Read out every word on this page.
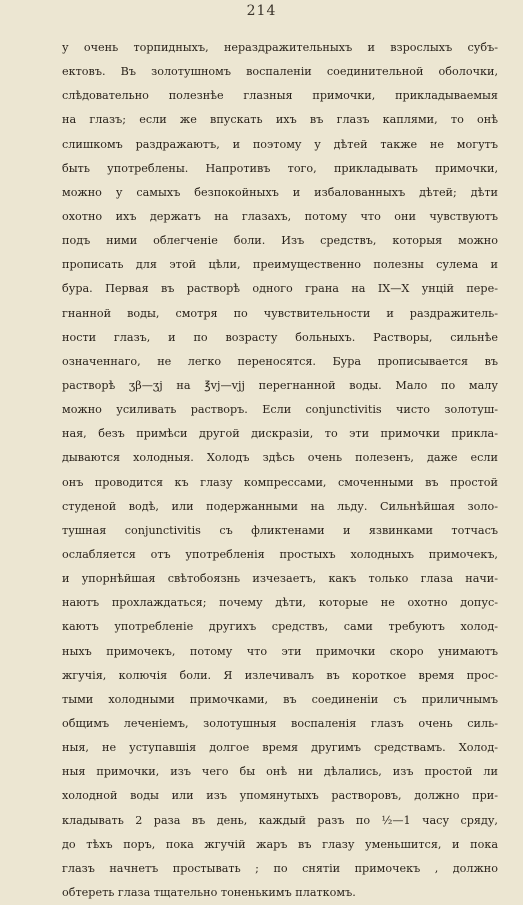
214
у очень торпидныхъ, нераздражительныхъ и взрослыхъ субъ-
ектовъ. Въ золотушномъ воспаленіи соединительной оболочки,
слѣдовательно полезнѣе глазныя примочки, прикладываемыя
на глазъ; если же впускать ихъ въ глазъ каплями, то онѣ
слишкомъ раздражаютъ, и поэтому у дѣтей также не могутъ
быть употреблены. Напротивъ того, прикладывать примочки,
можно у самыхъ безпокойныхъ и избалованныхъ дѣтей; дѣти
охотно ихъ держатъ на глазахъ, потому что они чувствуютъ
подъ ними облегченіе боли. Изъ средствъ, которыя можно
прописать для этой цѣли, преимущественно полезны сулема и
бура. Первая въ растворѣ одного грана на IX—X унцій пере-
гнанной воды, смотря по чувствительности и раздражитель-
ности глазъ, и по возрасту больныхъ. Растворы, сильнѣе
означеннаго, не легко переносятся. Бура прописывается въ
растворѣ ʒβ—ʒj на ℥vj—vjj перегнанной воды. Мало по малу
можно усиливать растворъ. Если conjunctivitis чисто золотуш-
ная, безъ примѣси другой дискразіи, то эти примочки прикла-
дываются холодныя. Холодъ здѣсь очень полезенъ, даже если
онъ проводится къ глазу компрессами, смоченными въ простой
студеной водѣ, или подержанными на льду. Сильнѣйшая золо-
тушная conjunctivitis съ фликтенами и язвинками тотчасъ
ослабляется отъ употребленія простыхъ холодныхъ примочекъ,
и упорнѣйшая свѣтобоязнь изчезаетъ, какъ только глаза начи-
наютъ прохлаждаться; почему дѣти, которые не охотно допус-
каютъ употребленіе другихъ средствъ, сами требуютъ холод-
ныхъ примочекъ, потому что эти примочки скоро унимаютъ
жгучія, колючія боли. Я излечивалъ въ короткое время прос-
тыми холодными примочками, въ соединеніи съ приличнымъ
общимъ леченіемъ, золотушныя воспаленія глазъ очень силь-
ныя, не уступавшія долгое время другимъ средствамъ. Холод-
ныя примочки, изъ чего бы онѣ ни дѣлались, изъ простой ли
холодной воды или изъ упомянутыхъ растворовъ, должно при-
кладывать 2 раза въ день, каждый разъ по ½—1 часу сряду,
до тѣхъ поръ, пока жгучій жаръ въ глазу уменьшится, и пока
глазъ начнетъ простывать ; по снятіи примочекъ , должно
обтереть глаза тщательно тоненькимъ платкомъ.
